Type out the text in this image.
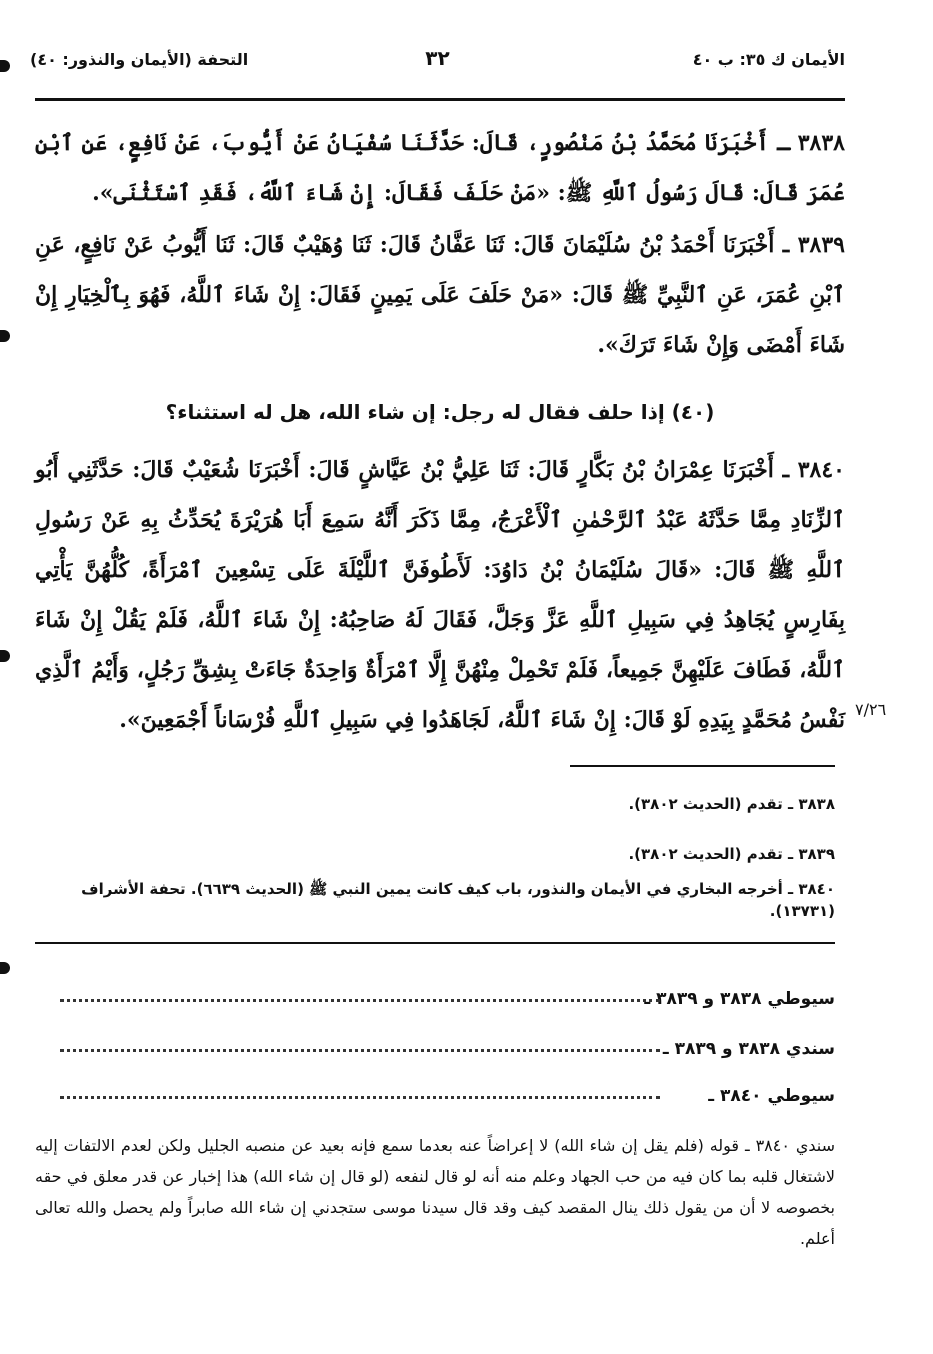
الأيمان ك ٣٥: ب ٤٠
٣٢
التحفة (الأيمان والنذور: ٤٠)

٣٨٣٨ ـ أَخْبَرَنَا مُحَمَّدُ بْنُ مَنْصُورٍ، قَالَ: حَدَّثَنَا سُفْيَانُ عَنْ أَيُّوبَ، عَنْ نَافِعٍ، عَنِ ٱبْنِ عُمَرَ قَالَ: قَالَ رَسُولُ ٱللَّهِ ﷺ: «مَنْ حَلَفَ فَقَالَ: إِنْ شَاءَ ٱللَّهُ، فَقَدِ ٱسْتَثْنَى».

٣٨٣٩ ـ أَخْبَرَنَا أَحْمَدُ بْنُ سُلَيْمَانَ قَالَ: ثَنَا عَفَّانُ قَالَ: ثَنَا وُهَيْبٌ قَالَ: ثَنَا أَيُّوبُ عَنْ نَافِعٍ، عَنِ ٱبْنِ عُمَرَ، عَنِ ٱلنَّبِيِّ ﷺ قَالَ: «مَنْ حَلَفَ عَلَى يَمِينٍ فَقَالَ: إِنْ شَاءَ ٱللَّهُ، فَهُوَ بِٱلْخِيَارِ إِنْ شَاءَ أَمْضَى وَإِنْ شَاءَ تَرَكَ».

(٤٠) إذا حلف فقال له رجل: إن شاء الله، هل له استثناء؟

٣٨٤٠ ـ أَخْبَرَنَا عِمْرَانُ بْنُ بَكَّارٍ قَالَ: ثَنَا عَلِيُّ بْنُ عَيَّاشٍ قَالَ: أَخْبَرَنَا شُعَيْبٌ قَالَ: حَدَّثَنِي أَبُو ٱلزِّنَادِ مِمَّا حَدَّثَهُ عَبْدُ ٱلرَّحْمٰنِ ٱلْأَعْرَجُ، مِمَّا ذَكَرَ أَنَّهُ سَمِعَ أَبَا هُرَيْرَةَ يُحَدِّثُ بِهِ عَنْ رَسُولِ ٱللَّهِ ﷺ قَالَ: «قَالَ سُلَيْمَانُ بْنُ دَاوُدَ: لَأَطُوفَنَّ ٱللَّيْلَةَ عَلَى تِسْعِينَ ٱمْرَأَةً، كُلُّهُنَّ يَأْتِي بِفَارِسٍ يُجَاهِدُ فِي سَبِيلِ ٱللَّهِ عَزَّ وَجَلَّ، فَقَالَ لَهُ صَاحِبُهُ: إِنْ شَاءَ ٱللَّهُ، فَلَمْ يَقُلْ إِنْ شَاءَ ٱللَّهُ، فَطَافَ عَلَيْهِنَّ جَمِيعاً، فَلَمْ تَحْمِلْ مِنْهُنَّ إِلَّا ٱمْرَأَةٌ وَاحِدَةٌ جَاءَتْ بِشِقِّ رَجُلٍ، وَأَيْمُ ٱلَّذِي نَفْسُ مُحَمَّدٍ بِيَدِهِ لَوْ قَالَ: إِنْ شَاءَ ٱللَّهُ، لَجَاهَدُوا فِي سَبِيلِ ٱللَّهِ فُرْسَاناً أَجْمَعِينَ». ٧/٢٦
٣٨٣٨ ـ تقدم (الحديث ٣٨٠٢).
٣٨٣٩ ـ تقدم (الحديث ٣٨٠٢).
٣٨٤٠ ـ أخرجه البخاري في الأيمان والنذور، باب كيف كانت يمين النبي ﷺ (الحديث ٦٦٣٩). تحفة الأشراف (١٣٧٣١).
سيوطي ٣٨٣٨ و ٣٨٣٩ ـ
سندي ٣٨٣٨ و ٣٨٣٩ ـ
سيوطي ٣٨٤٠ ـ
سندي ٣٨٤٠ ـ قوله (فلم يقل إن شاء الله) لا إعراضاً عنه بعدما سمع فإنه بعيد عن منصبه الجليل ولكن لعدم الالتفات إليه لاشتغال قلبه بما كان فيه من حب الجهاد وعلم منه أنه لو قال لنفعه (لو قال إن شاء الله) هذا إخبار عن قدر معلق في حقه بخصوصه لا أن من يقول ذلك ينال المقصد كيف وقد قال سيدنا موسى ستجدني إن شاء الله صابراً ولم يحصل والله تعالى أعلم.
